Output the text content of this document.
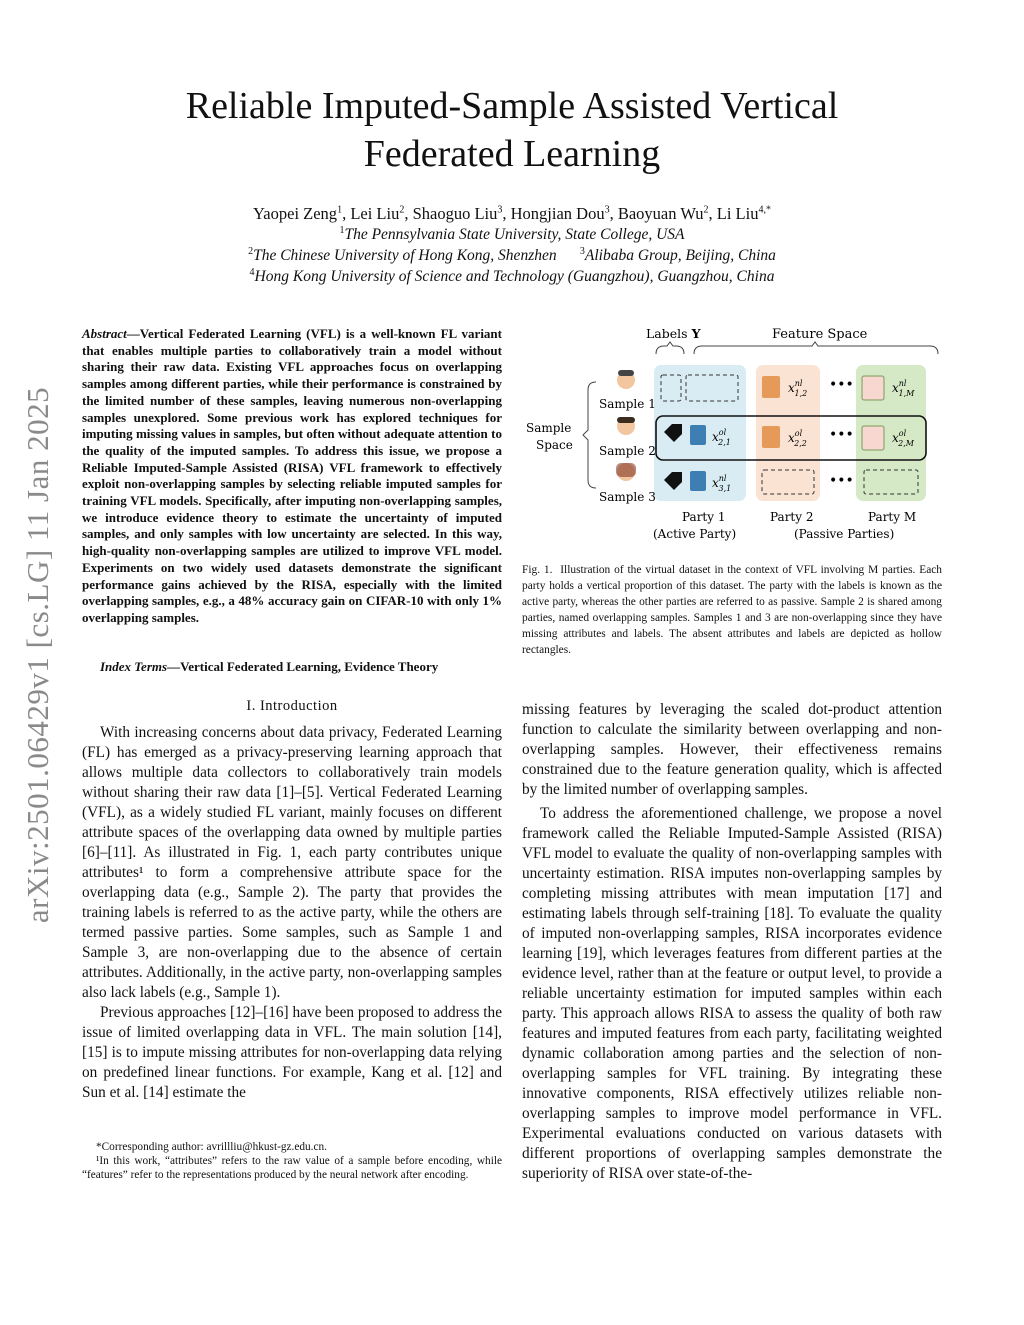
arXiv:2501.06429v1 [cs.LG] 11 Jan 2025
Reliable Imputed-Sample Assisted Vertical
Federated Learning
Yaopei Zeng$^1$, Lei Liu$^2$, Shaoguo Liu$^3$, Hongjian Dou$^3$, Baoyuan Wu$^2$, Li Liu$^{4,*}$
$^1$The Pennsylvania State University, State College, USA
$^2$The Chinese University of Hong Kong, Shenzhen $^3$Alibaba Group, Beijing, China
$^4$Hong Kong University of Science and Technology (Guangzhou), Guangzhou, China
Abstract—Vertical Federated Learning (VFL) is a well-known FL variant that enables multiple parties to collaboratively train a model without sharing their raw data. Existing VFL approaches focus on overlapping samples among different parties, while their performance is constrained by the limited number of these samples, leaving numerous non-overlapping samples unexplored. Some previous work has explored techniques for imputing missing values in samples, but often without adequate attention to the quality of the imputed samples. To address this issue, we propose a Reliable Imputed-Sample Assisted (RISA) VFL framework to effectively exploit non-overlapping samples by selecting reliable imputed samples for training VFL models. Specifically, after imputing non-overlapping samples, we introduce evidence theory to estimate the uncertainty of imputed samples, and only samples with low uncertainty are selected. In this way, high-quality non-overlapping samples are utilized to improve VFL model. Experiments on two widely used datasets demonstrate the significant performance gains achieved by the RISA, especially with the limited overlapping samples, e.g., a 48% accuracy gain on CIFAR-10 with only 1% overlapping samples.
Index Terms—Vertical Federated Learning, Evidence Theory
I. Introduction

With increasing concerns about data privacy, Federated Learning (FL) has emerged as a privacy-preserving learning approach that allows multiple data collectors to collaboratively train models without sharing their raw data [1]–[5]. Vertical Federated Learning (VFL), as a widely studied FL variant, mainly focuses on different attribute spaces of the overlapping data owned by multiple parties [6]–[11]. As illustrated in Fig. 1, each party contributes unique attributes¹ to form a comprehensive attribute space for the overlapping data (e.g., Sample 2). The party that provides the training labels is referred to as the active party, while the others are termed passive parties. Some samples, such as Sample 1 and Sample 3, are non-overlapping due to the absence of certain attributes. Additionally, in the active party, non-overlapping samples also lack labels (e.g., Sample 1).

Previous approaches [12]–[16] have been proposed to address the issue of limited overlapping data in VFL. The main solution [14], [15] is to impute missing attributes for non-overlapping data relying on predefined linear functions. For example, Kang et al. [12] and Sun et al. [14] estimate the

*Corresponding author: avrillliu@hkust-gz.edu.cn.

¹In this work, “attributes” refers to the raw value of a sample before encoding, while “features” refer to the representations produced by the neural network after encoding.

Labels Y	Feature Space
Sample
Space
Sample 1
Sample 2
Sample 3
$x^{ol}$ 2,1
$x^{nl}$ 3,1
$x^{nl}$ 1,2
$x^{ol}$ 2,2
•••
•••
•••
$x^{nl}$ 1,M
$x^{ol}$ 2,M
Party 1
(Active Party)
Party 2	Party M
(Passive Parties)
Fig. 1. Illustration of the virtual dataset in the context of VFL involving M parties. Each party holds a vertical proportion of this dataset. The party with the labels is known as the active party, whereas the other parties are referred to as passive. Sample 2 is shared among parties, named overlapping samples. Samples 1 and 3 are non-overlapping since they have missing attributes and labels. The absent attributes and labels are depicted as hollow rectangles.

missing features by leveraging the scaled dot-product attention function to calculate the similarity between overlapping and non-overlapping samples. However, their effectiveness remains constrained due to the feature generation quality, which is affected by the limited number of overlapping samples.

To address the aforementioned challenge, we propose a novel framework called the Reliable Imputed-Sample Assisted (RISA) VFL model to evaluate the quality of non-overlapping samples with uncertainty estimation. RISA imputes non-overlapping samples by completing missing attributes with mean imputation [17] and estimating labels through self-training [18]. To evaluate the quality of imputed non-overlapping samples, RISA incorporates evidence learning [19], which leverages features from different parties at the evidence level, rather than at the feature or output level, to provide a reliable uncertainty estimation for imputed samples within each party. This approach allows RISA to assess the quality of both raw features and imputed features from each party, facilitating weighted dynamic collaboration among parties and the selection of non-overlapping samples for VFL training. By integrating these innovative components, RISA effectively utilizes reliable non-overlapping samples to improve model performance in VFL. Experimental evaluations conducted on various datasets with different proportions of overlapping samples demonstrate the superiority of RISA over state-of-the-
